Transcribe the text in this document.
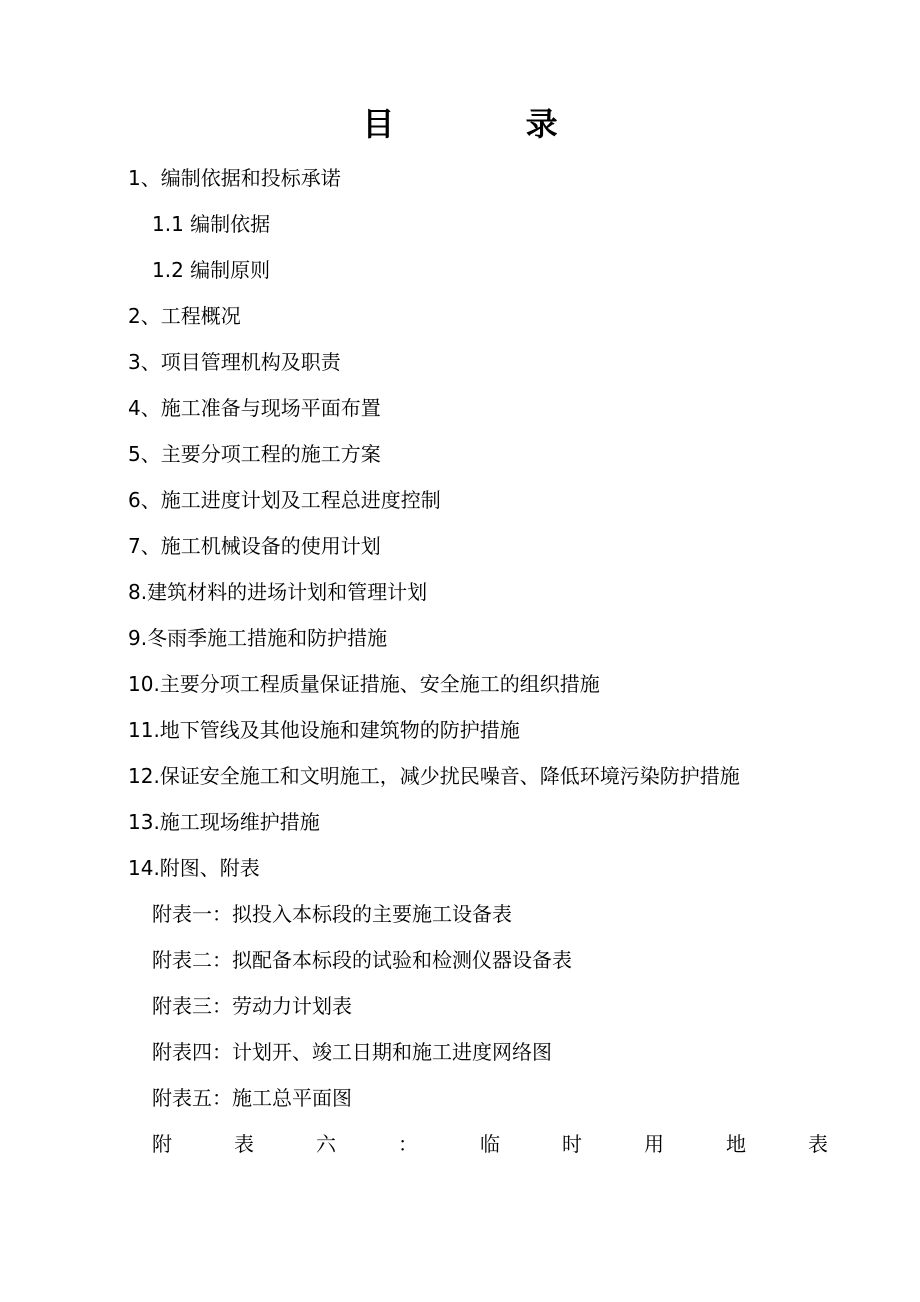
目 录
1、编制依据和投标承诺
1.1 编制依据
1.2 编制原则
2、工程概况
3、项目管理机构及职责
4、施工准备与现场平面布置
5、主要分项工程的施工方案
6、施工进度计划及工程总进度控制
7、施工机械设备的使用计划
8.建筑材料的进场计划和管理计划
9.冬雨季施工措施和防护措施
10.主要分项工程质量保证措施、安全施工的组织措施
11.地下管线及其他设施和建筑物的防护措施
12.保证安全施工和文明施工，减少扰民噪音、降低环境污染防护措施
13.施工现场维护措施
14.附图、附表
附表一：拟投入本标段的主要施工设备表
附表二：拟配备本标段的试验和检测仪器设备表
附表三：劳动力计划表
附表四：计划开、竣工日期和施工进度网络图
附表五：施工总平面图
附	表	六	：	临	时	用	地	表
